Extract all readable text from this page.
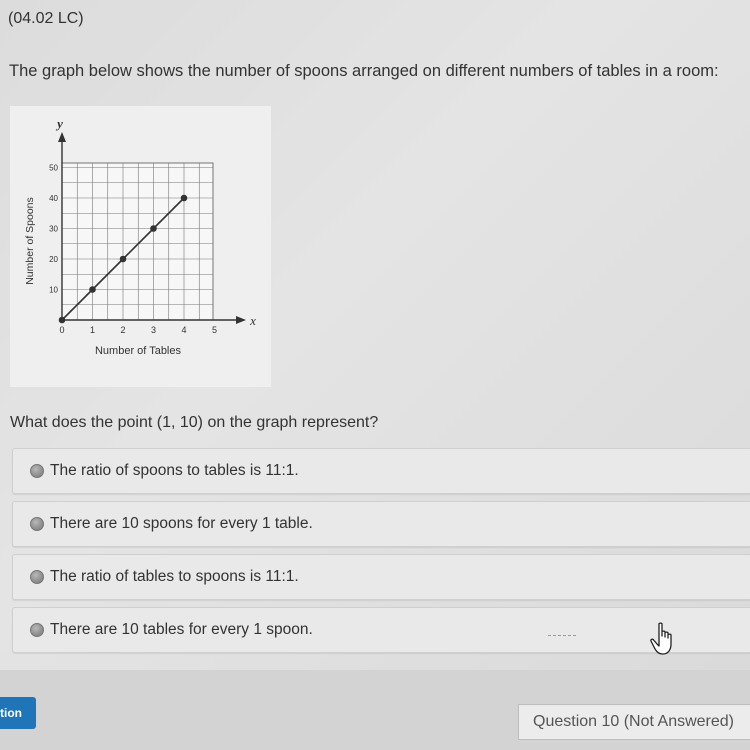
(04.02 LC)
The graph below shows the number of spoons arranged on different numbers of tables in a room:
y
x
0	1	2	3	4	5
10
20
30
40
50
Number of Tables
Number of Spoons
What does the point (1, 10) on the graph represent?
The ratio of spoons to tables is 11:1.
There are 10 spoons for every 1 table.
The ratio of tables to spoons is 11:1.
There are 10 tables for every 1 spoon.
tion	Question 10 (Not Answered)
